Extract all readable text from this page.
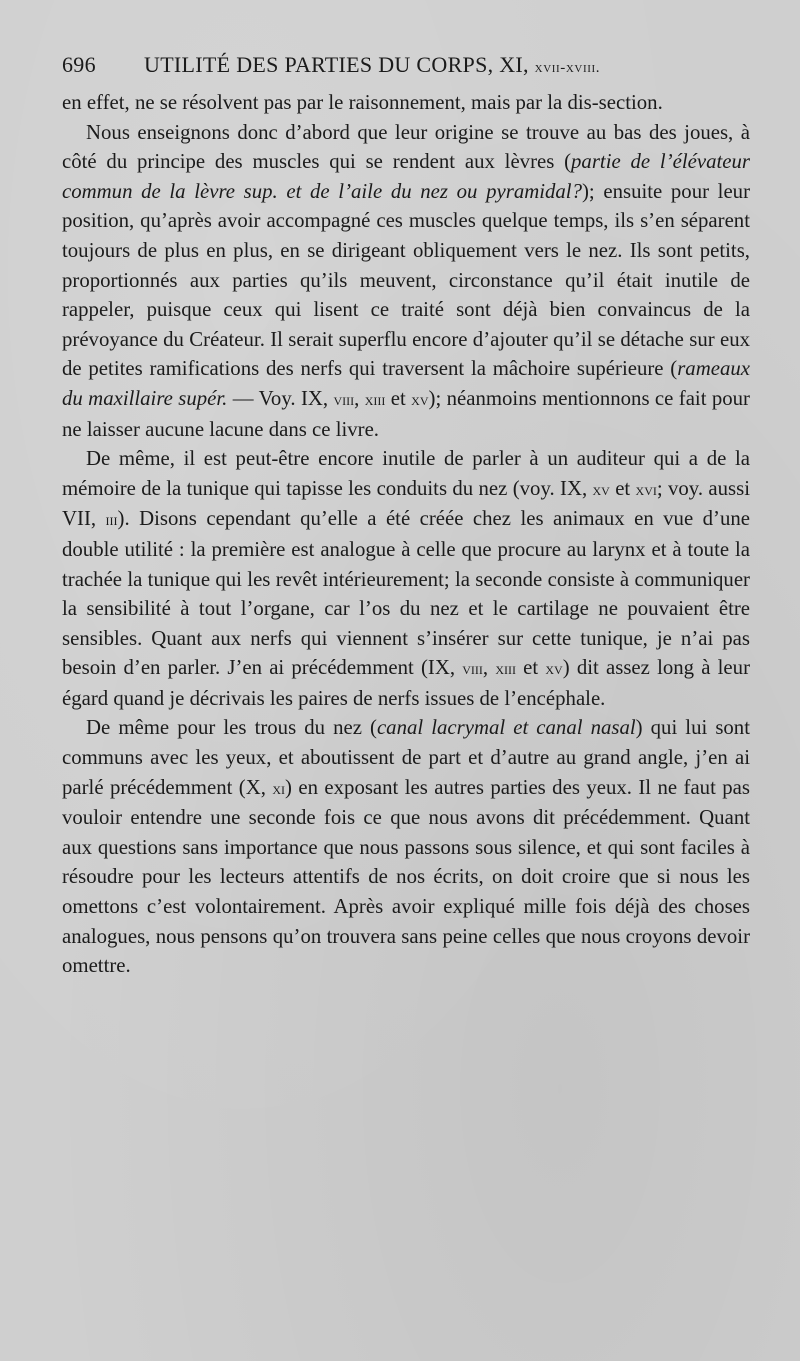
696 UTILITÉ DES PARTIES DU CORPS, XI, xvii-xviii.

en effet, ne se résolvent pas par le raisonnement, mais par la dis-section.

Nous enseignons donc d’abord que leur origine se trouve au bas des joues, à côté du principe des muscles qui se rendent aux lèvres (partie de l’élévateur commun de la lèvre sup. et de l’aile du nez ou pyramidal?); ensuite pour leur position, qu’après avoir accompagné ces muscles quelque temps, ils s’en séparent toujours de plus en plus, en se dirigeant obliquement vers le nez. Ils sont petits, proportionnés aux parties qu’ils meuvent, circonstance qu’il était inutile de rappeler, puisque ceux qui lisent ce traité sont déjà bien convaincus de la prévoyance du Créateur. Il serait superflu encore d’ajouter qu’il se détache sur eux de petites ramifications des nerfs qui traversent la mâchoire supérieure (rameaux du maxillaire supér. — Voy. IX, viii, xiii et xv); néanmoins mentionnons ce fait pour ne laisser aucune lacune dans ce livre.

De même, il est peut-être encore inutile de parler à un auditeur qui a de la mémoire de la tunique qui tapisse les conduits du nez (voy. IX, xv et xvi; voy. aussi VII, iii). Disons cependant qu’elle a été créée chez les animaux en vue d’une double utilité : la première est analogue à celle que procure au larynx et à toute la trachée la tunique qui les revêt intérieurement; la seconde consiste à communiquer la sensibilité à tout l’organe, car l’os du nez et le cartilage ne pouvaient être sensibles. Quant aux nerfs qui viennent s’insérer sur cette tunique, je n’ai pas besoin d’en parler. J’en ai précédemment (IX, viii, xiii et xv) dit assez long à leur égard quand je décrivais les paires de nerfs issues de l’encéphale.

De même pour les trous du nez (canal lacrymal et canal nasal) qui lui sont communs avec les yeux, et aboutissent de part et d’autre au grand angle, j’en ai parlé précédemment (X, xi) en exposant les autres parties des yeux. Il ne faut pas vouloir entendre une seconde fois ce que nous avons dit précédemment. Quant aux questions sans importance que nous passons sous silence, et qui sont faciles à résoudre pour les lecteurs attentifs de nos écrits, on doit croire que si nous les omettons c’est volontairement. Après avoir expliqué mille fois déjà des choses analogues, nous pensons qu’on trouvera sans peine celles que nous croyons devoir omettre.
